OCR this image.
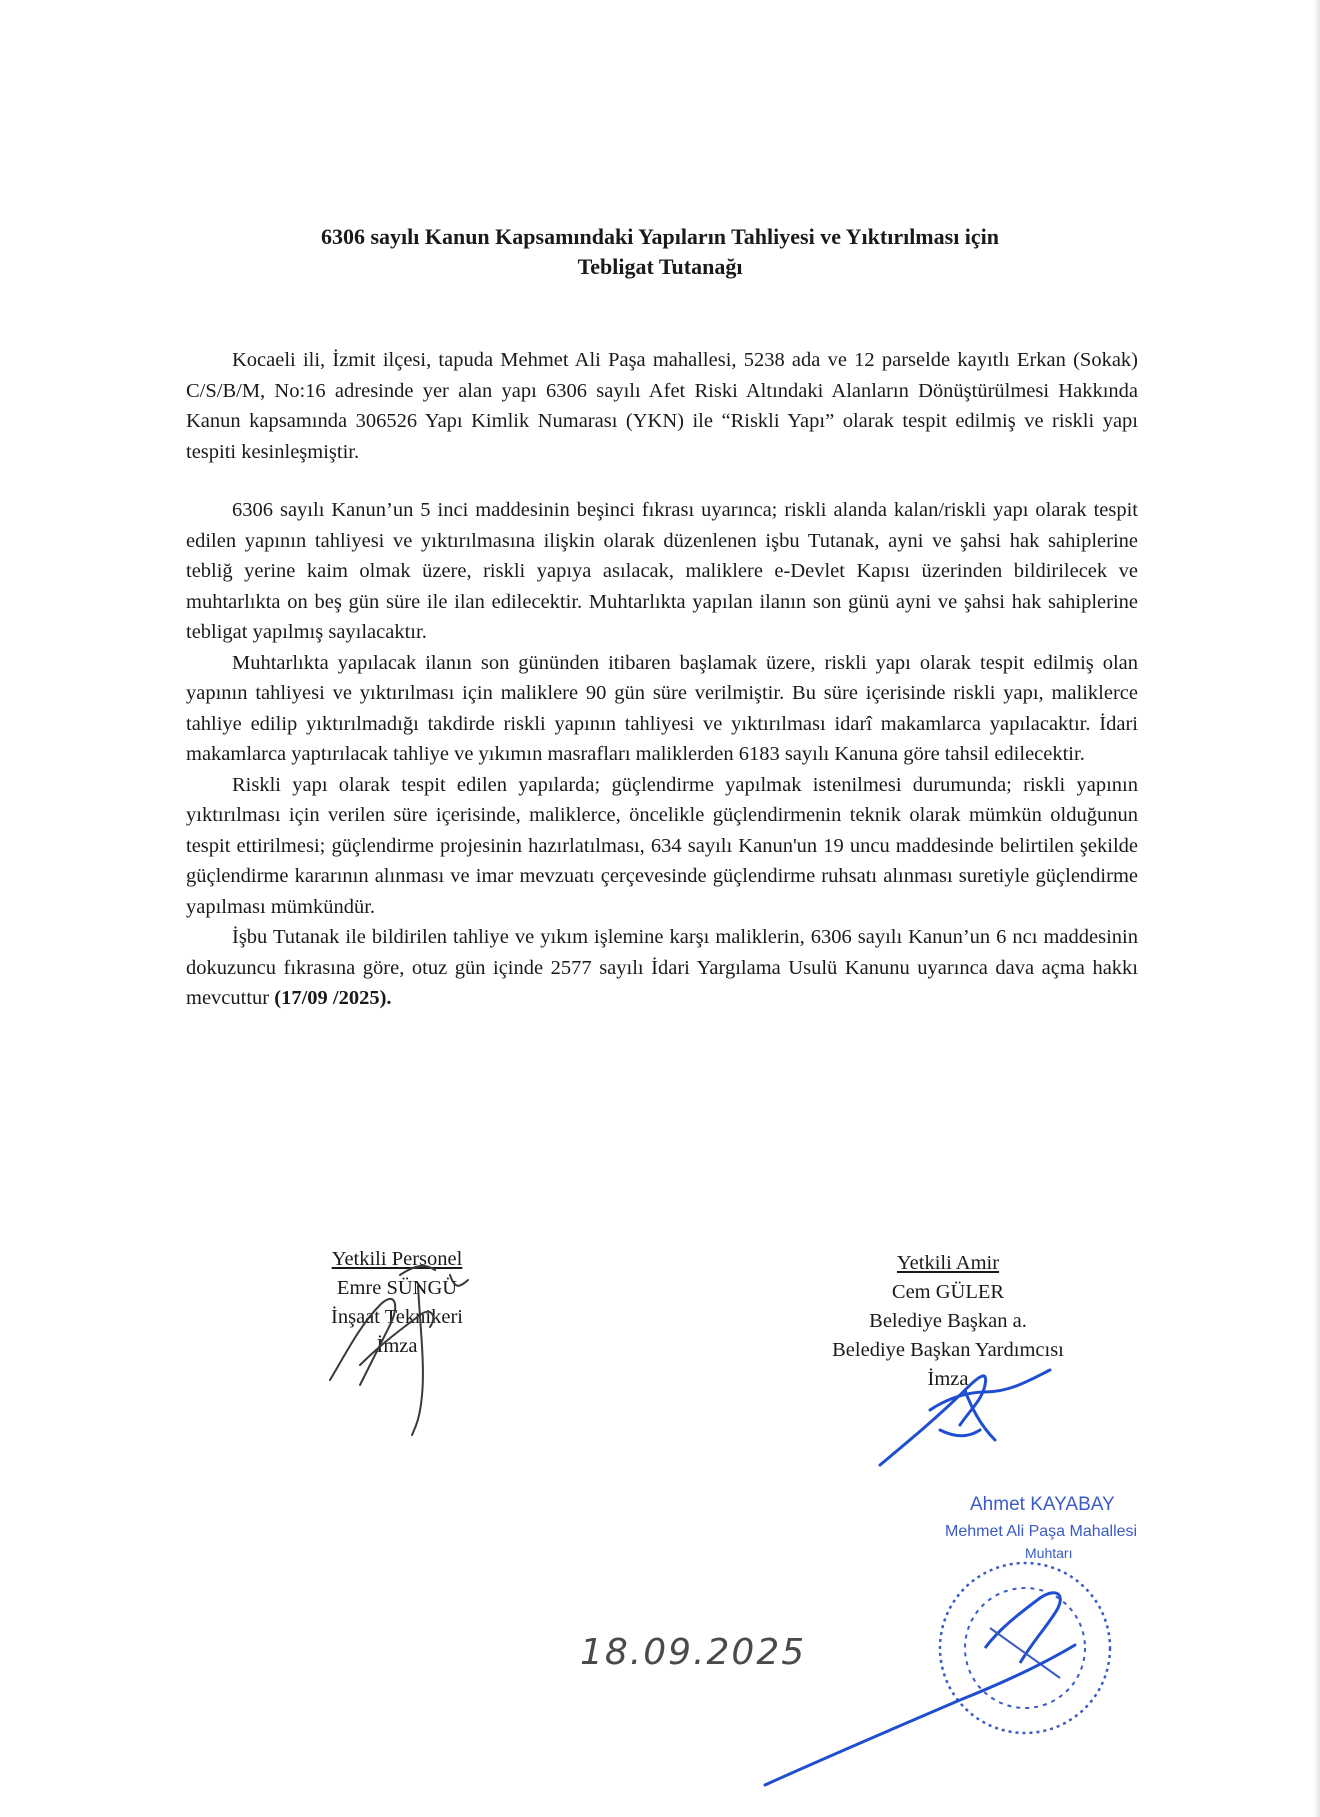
6306 sayılı Kanun Kapsamındaki Yapıların Tahliyesi ve Yıktırılması için
Tebligat Tutanağı

Kocaeli ili, İzmit ilçesi, tapuda Mehmet Ali Paşa mahallesi, 5238 ada ve 12 parselde kayıtlı Erkan (Sokak) C/S/B/M, No:16 adresinde yer alan yapı 6306 sayılı Afet Riski Altındaki Alanların Dönüştürülmesi Hakkında Kanun kapsamında 306526 Yapı Kimlik Numarası (YKN) ile “Riskli Yapı” olarak tespit edilmiş ve riskli yapı tespiti kesinleşmiştir.

6306 sayılı Kanun’un 5 inci maddesinin beşinci fıkrası uyarınca; riskli alanda kalan/riskli yapı olarak tespit edilen yapının tahliyesi ve yıktırılmasına ilişkin olarak düzenlenen işbu Tutanak, ayni ve şahsi hak sahiplerine tebliğ yerine kaim olmak üzere, riskli yapıya asılacak, maliklere e-Devlet Kapısı üzerinden bildirilecek ve muhtarlıkta on beş gün süre ile ilan edilecektir. Muhtarlıkta yapılan ilanın son günü ayni ve şahsi hak sahiplerine tebligat yapılmış sayılacaktır.

Muhtarlıkta yapılacak ilanın son gününden itibaren başlamak üzere, riskli yapı olarak tespit edilmiş olan yapının tahliyesi ve yıktırılması için maliklere 90 gün süre verilmiştir. Bu süre içerisinde riskli yapı, maliklerce tahliye edilip yıktırılmadığı takdirde riskli yapının tahliyesi ve yıktırılması idarî makamlarca yapılacaktır. İdari makamlarca yaptırılacak tahliye ve yıkımın masrafları maliklerden 6183 sayılı Kanuna göre tahsil edilecektir.

Riskli yapı olarak tespit edilen yapılarda; güçlendirme yapılmak istenilmesi durumunda; riskli yapının yıktırılması için verilen süre içerisinde, maliklerce, öncelikle güçlendirmenin teknik olarak mümkün olduğunun tespit ettirilmesi; güçlendirme projesinin hazırlatılması, 634 sayılı Kanun'un 19 uncu maddesinde belirtilen şekilde güçlendirme kararının alınması ve imar mevzuatı çerçevesinde güçlendirme ruhsatı alınması suretiyle güçlendirme yapılması mümkündür.

İşbu Tutanak ile bildirilen tahliye ve yıkım işlemine karşı maliklerin, 6306 sayılı Kanun’un 6 ncı maddesinin dokuzuncu fıkrasına göre, otuz gün içinde 2577 sayılı İdari Yargılama Usulü Kanunu uyarınca dava açma hakkı mevcuttur (17/09 /2025).

Yetkili Personel
Emre SÜNGÜ
İnşaat Teknikeri
İmza
Yetkili Amir
Cem GÜLER
Belediye Başkan a.
Belediye Başkan Yardımcısı
İmza
Ahmet KAYABAY
Mehmet Ali Paşa Mahallesi
Muhtarı
18.09.2025
